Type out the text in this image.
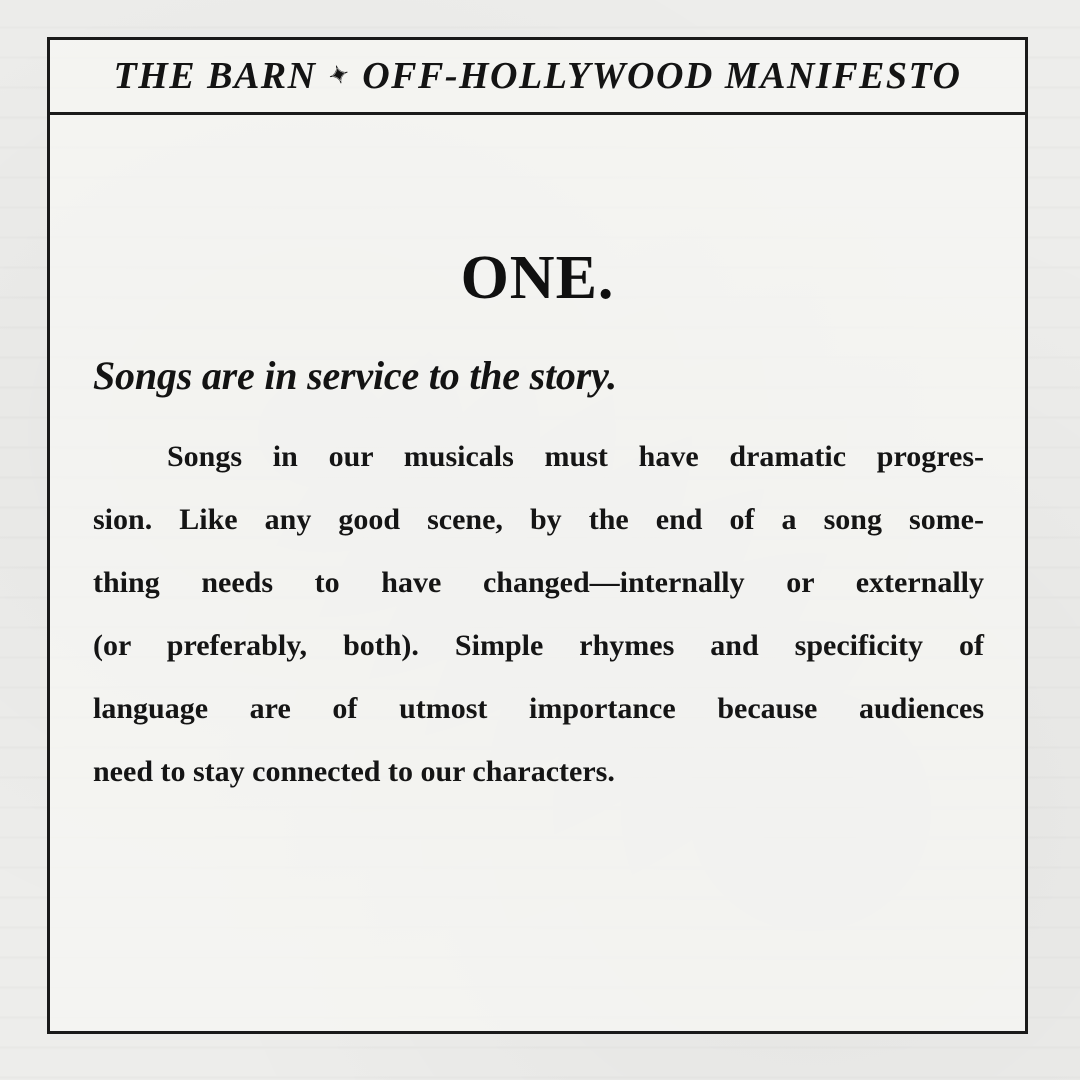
THE BARN ✦ OFF-HOLLYWOOD MANIFESTO
ONE.
Songs are in service to the story.
Songs in our musicals must have dramatic progres-
sion. Like any good scene, by the end of a song some-
thing needs to have changed—internally or externally
(or preferably, both). Simple rhymes and specificity of
language are of utmost importance because audiences
need to stay connected to our characters.
